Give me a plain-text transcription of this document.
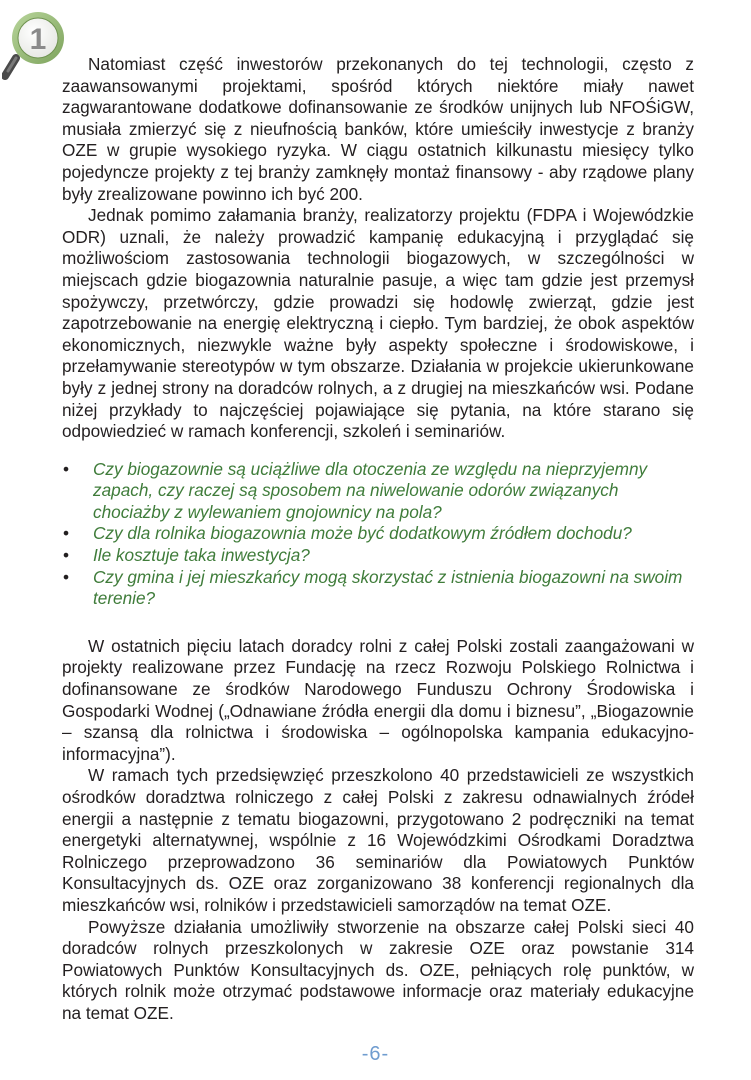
1

Natomiast część inwestorów przekonanych do tej technologii, często z zaawansowanymi projektami, spośród których niektóre miały nawet zagwarantowane dodatkowe dofinansowanie ze środków unijnych lub NFOŚiGW, musiała zmierzyć się z nieufnością banków, które umieściły inwestycje z branży OZE w grupie wysokiego ryzyka. W ciągu ostatnich kilkunastu miesięcy tylko pojedyncze projekty z tej branży zamknęły montaż finansowy - aby rządowe plany były zrealizowane powinno ich być 200.

Jednak pomimo załamania branży, realizatorzy projektu (FDPA i Wojewódzkie ODR) uznali, że należy prowadzić kampanię edukacyjną i przyglądać się możliwościom zastosowania technologii biogazowych, w szczególności w miejscach gdzie biogazownia naturalnie pasuje, a więc tam gdzie jest przemysł spożywczy, przetwórczy, gdzie prowadzi się hodowlę zwierząt, gdzie jest zapotrzebowanie na energię elektryczną i ciepło. Tym bardziej, że obok aspektów ekonomicznych, niezwykle ważne były aspekty społeczne i środowiskowe, i przełamywanie stereotypów w tym obszarze. Działania w projekcie ukierunkowane były z jednej strony na doradców rolnych, a z drugiej na mieszkańców wsi. Podane niżej przykłady to najczęściej pojawiające się pytania, na które starano się odpowiedzieć w ramach konferencji, szkoleń i seminariów.

• Czy biogazownie są uciążliwe dla otoczenia ze względu na nieprzyjemny zapach, czy raczej są sposobem na niwelowanie odorów związanych chociażby z wylewaniem gnojownicy na pola?
• Czy dla rolnika biogazownia może być dodatkowym źródłem dochodu?
• Ile kosztuje taka inwestycja?
• Czy gmina i jej mieszkańcy mogą skorzystać z istnienia biogazowni na swoim terenie?

W ostatnich pięciu latach doradcy rolni z całej Polski zostali zaangażowani w projekty realizowane przez Fundację na rzecz Rozwoju Polskiego Rolnictwa i dofinansowane ze środków Narodowego Funduszu Ochrony Środowiska i Gospodarki Wodnej („Odnawiane źródła energii dla domu i biznesu”, „Biogazownie – szansą dla rolnictwa i środowiska – ogólnopolska kampania edukacyjno-informacyjna”).

W ramach tych przedsięwzięć przeszkolono 40 przedstawicieli ze wszystkich ośrodków doradztwa rolniczego z całej Polski z zakresu odnawialnych źródeł energii a następnie z tematu biogazowni, przygotowano 2 podręczniki na temat energetyki alternatywnej, wspólnie z 16 Wojewódzkimi Ośrodkami Doradztwa Rolniczego przeprowadzono 36 seminariów dla Powiatowych Punktów Konsultacyjnych ds. OZE oraz zorganizowano 38 konferencji regionalnych dla mieszkańców wsi, rolników i przedstawicieli samorządów na temat OZE.

Powyższe działania umożliwiły stworzenie na obszarze całej Polski sieci 40 doradców rolnych przeszkolonych w zakresie OZE oraz powstanie 314 Powiatowych Punktów Konsultacyjnych ds. OZE, pełniących rolę punktów, w których rolnik może otrzymać podstawowe informacje oraz materiały edukacyjne na temat OZE.

-6-
